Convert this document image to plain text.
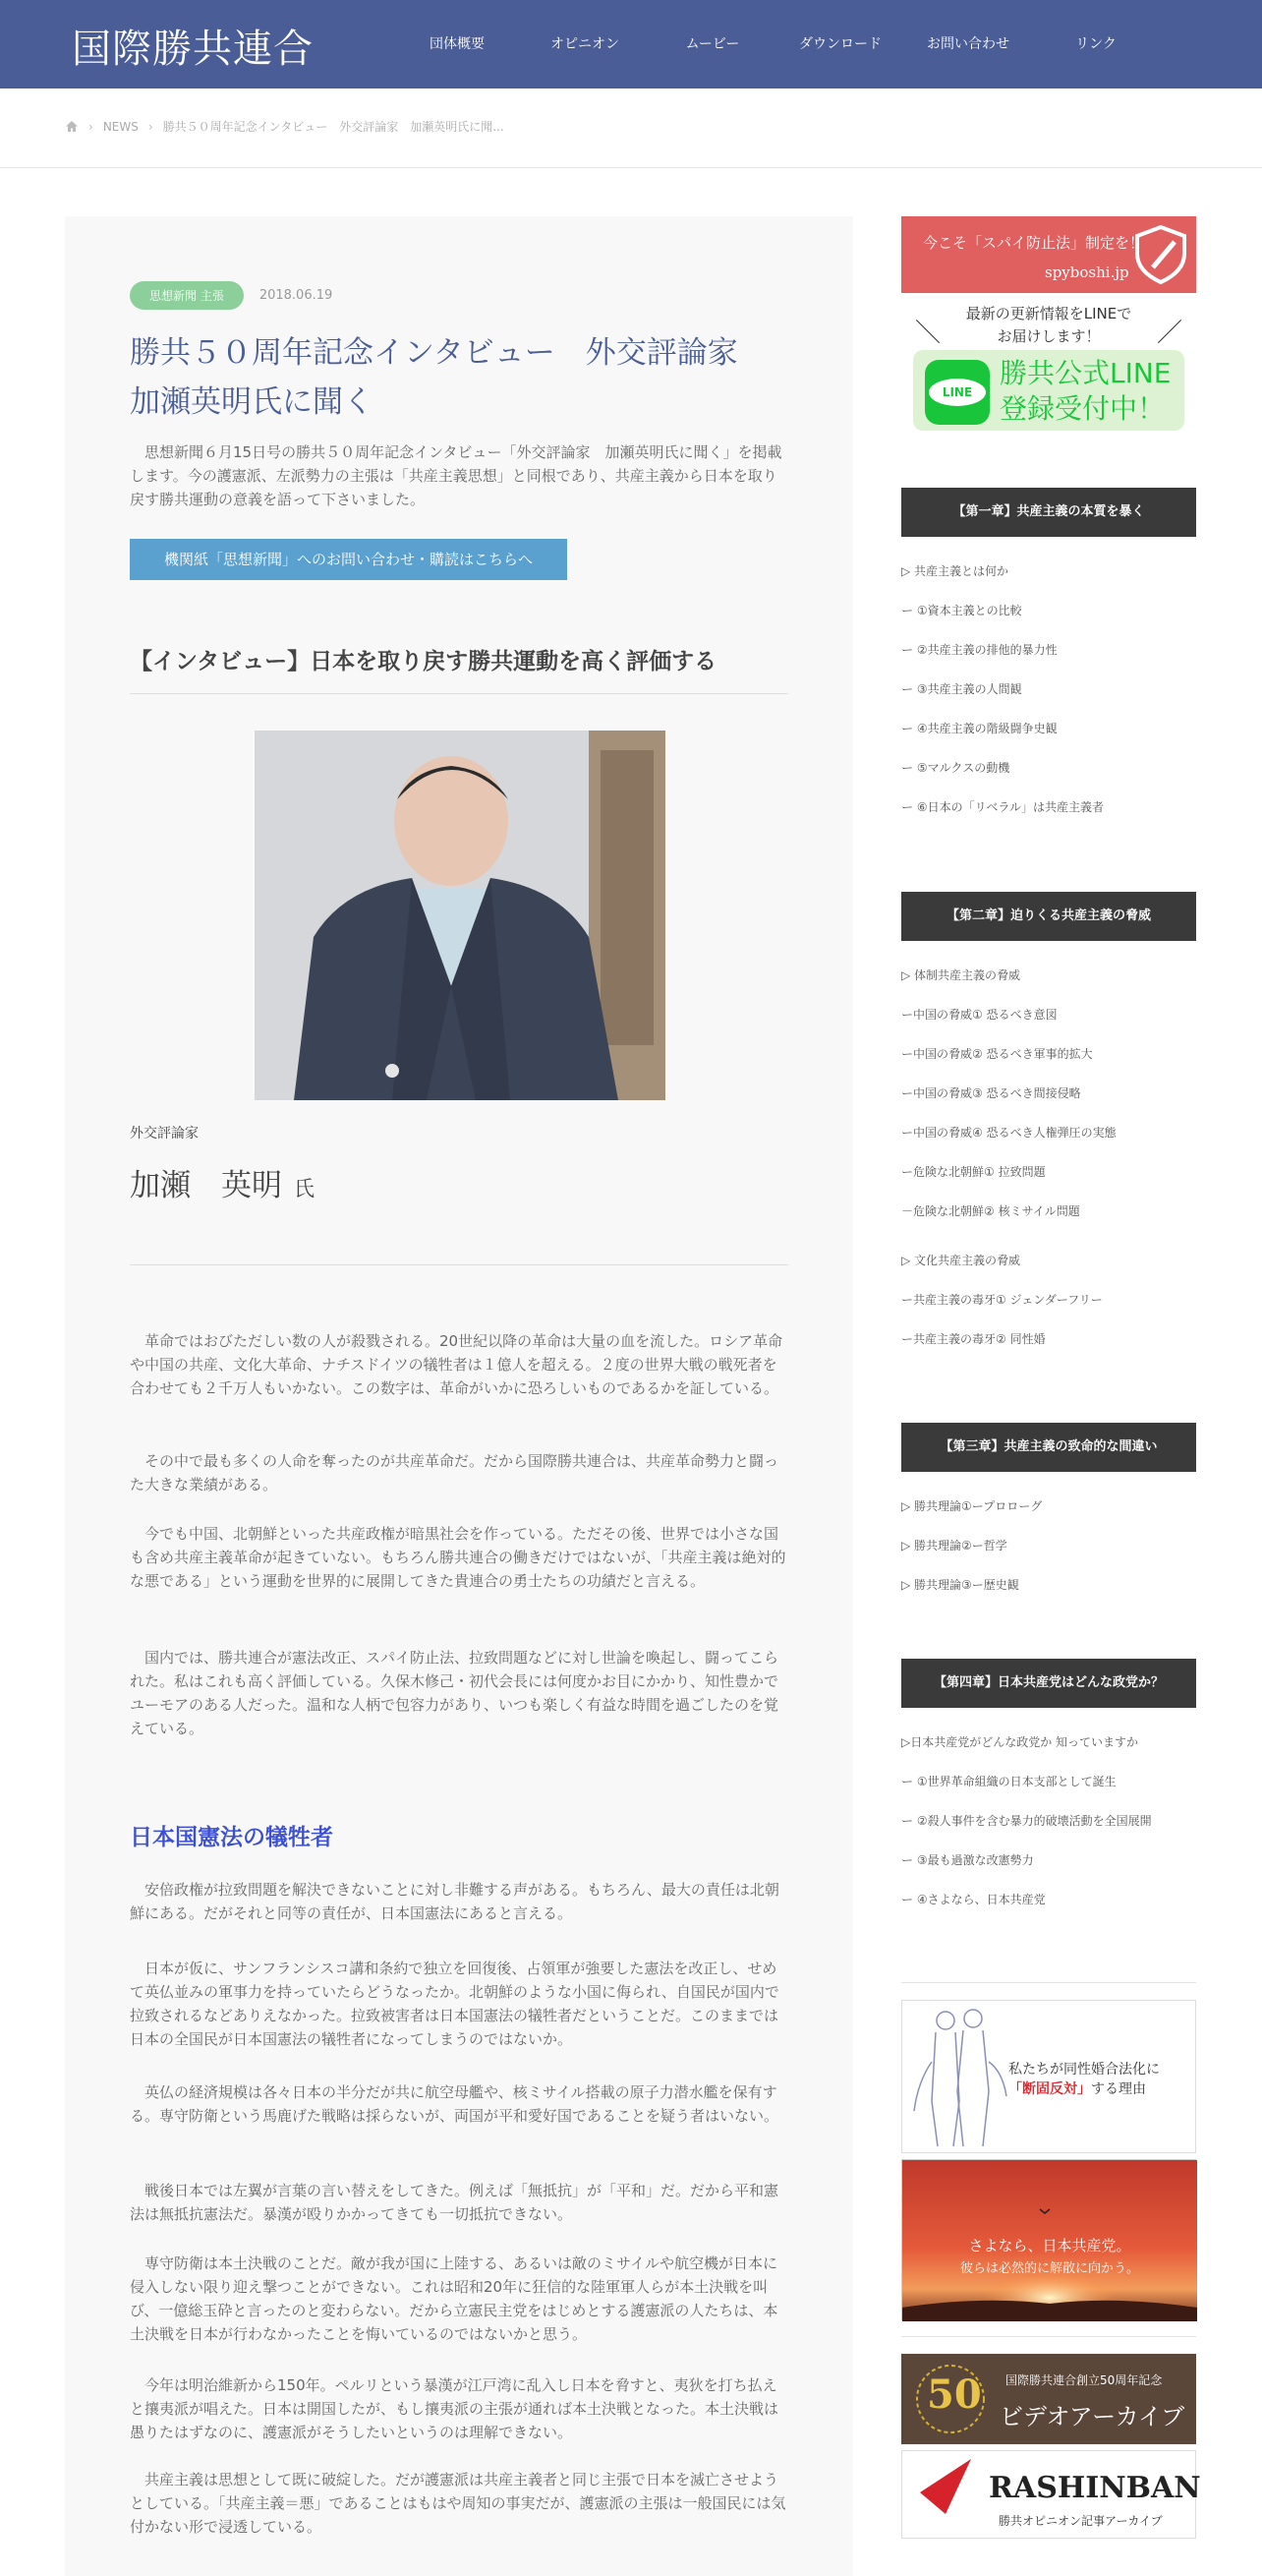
国際勝共連合	団体概要	オピニオン	ムービー	ダウンロード	お問い合わせ	リンク
› NEWS › 勝共５０周年記念インタビュー　外交評論家　加瀬英明氏に聞...
思想新聞 主張	2018.06.19
勝共５０周年記念インタビュー　外交評論家
加瀬英明氏に聞く

思想新聞６月15日号の勝共５０周年記念インタビュー「外交評論家　加瀬英明氏に聞く」を掲載します。今の護憲派、左派勢力の主張は「共産主義思想」と同根であり、共産主義から日本を取り戻す勝共運動の意義を語って下さいました。

機関紙「思想新聞」へのお問い合わせ・購読はこちらへ
【インタビュー】日本を取り戻す勝共運動を高く評価する
外交評論家
加瀬　英明 氏

革命ではおびただしい数の人が殺戮される。20世紀以降の革命は大量の血を流した。ロシア革命や中国の共産、文化大革命、ナチスドイツの犠牲者は１億人を超える。２度の世界大戦の戦死者を合わせても２千万人もいかない。この数字は、革命がいかに恐ろしいものであるかを証している。

その中で最も多くの人命を奪ったのが共産革命だ。だから国際勝共連合は、共産革命勢力と闘った大きな業績がある。

今でも中国、北朝鮮といった共産政権が暗黒社会を作っている。ただその後、世界では小さな国も含め共産主義革命が起きていない。もちろん勝共連合の働きだけではないが、「共産主義は絶対的な悪である」という運動を世界的に展開してきた貴連合の勇士たちの功績だと言える。

国内では、勝共連合が憲法改正、スパイ防止法、拉致問題などに対し世論を喚起し、闘ってこられた。私はこれも高く評価している。久保木修己・初代会長には何度かお目にかかり、知性豊かでユーモアのある人だった。温和な人柄で包容力があり、いつも楽しく有益な時間を過ごしたのを覚えている。

日本国憲法の犠牲者

安倍政権が拉致問題を解決できないことに対し非難する声がある。もちろん、最大の責任は北朝鮮にある。だがそれと同等の責任が、日本国憲法にあると言える。

日本が仮に、サンフランシスコ講和条約で独立を回復後、占領軍が強要した憲法を改正し、せめて英仏並みの軍事力を持っていたらどうなったか。北朝鮮のような小国に侮られ、自国民が国内で拉致されるなどありえなかった。拉致被害者は日本国憲法の犠牲者だということだ。このままでは日本の全国民が日本国憲法の犠牲者になってしまうのではないか。

英仏の経済規模は各々日本の半分だが共に航空母艦や、核ミサイル搭載の原子力潜水艦を保有する。専守防衛という馬鹿げた戦略は採らないが、両国が平和愛好国であることを疑う者はいない。

戦後日本では左翼が言葉の言い替えをしてきた。例えば「無抵抗」が「平和」だ。だから平和憲法は無抵抗憲法だ。暴漢が殴りかかってきても一切抵抗できない。

専守防衛は本土決戦のことだ。敵が我が国に上陸する、あるいは敵のミサイルや航空機が日本に侵入しない限り迎え撃つことができない。これは昭和20年に狂信的な陸軍軍人らが本土決戦を叫び、一億総玉砕と言ったのと変わらない。だから立憲民主党をはじめとする護憲派の人たちは、本土決戦を日本が行わなかったことを悔いているのではないかと思う。

今年は明治維新から150年。ペルリという暴漢が江戸湾に乱入し日本を脅すと、夷狄を打ち払えと攘夷派が唱えた。日本は開国したが、もし攘夷派の主張が通れば本土決戦となった。本土決戦は愚りたはずなのに、護憲派がそうしたいというのは理解できない。

共産主義は思想として既に破綻した。だが護憲派は共産主義者と同じ主張で日本を滅亡させようとしている。「共産主義＝悪」であることはもはや周知の事実だが、護憲派の主張は一般国民には気付かない形で浸透している。

今こそ「スパイ防止法」制定を！
spyboshi.jp
＼
最新の更新情報をLINEで
お届けします！	／
LINE
勝共公式LINE
登録受付中！
【第一章】共産主義の本質を暴く
▷ 共産主義とは何か
ー ①資本主義との比較
ー ②共産主義の排他的暴力性
ー ③共産主義の人間観
ー ④共産主義の階級闘争史観
ー ⑤マルクスの動機
ー ⑥日本の「リベラル」は共産主義者
【第二章】迫りくる共産主義の脅威
▷ 体制共産主義の脅威
ー中国の脅威① 恐るべき意図
ー中国の脅威② 恐るべき軍事的拡大
ー中国の脅威③ 恐るべき間接侵略
ー中国の脅威④ 恐るべき人権弾圧の実態
ー危険な北朝鮮① 拉致問題
－危険な北朝鮮② 核ミサイル問題
▷ 文化共産主義の脅威
ー共産主義の毒牙① ジェンダーフリー
ー共産主義の毒牙② 同性婚
【第三章】共産主義の致命的な間違い
▷ 勝共理論①ープロローグ
▷ 勝共理論②ー哲学
▷ 勝共理論③ー歴史観
【第四章】日本共産党はどんな政党か？
▷日本共産党がどんな政党か 知っていますか
ー ①世界革命組織の日本支部として誕生
ー ②殺人事件を含む暴力的破壊活動を全国展開
ー ③最も過激な改憲勢力
ー ④さよなら、日本共産党
私たちが同性婚合法化に
「断固反対」する理由
さよなら、日本共産党。
彼らは必然的に解散に向かう。
50 国際勝共連合創立50周年記念
ビデオアーカイブ
RASHINBAN
勝共オピニオン記事アーカイブ
